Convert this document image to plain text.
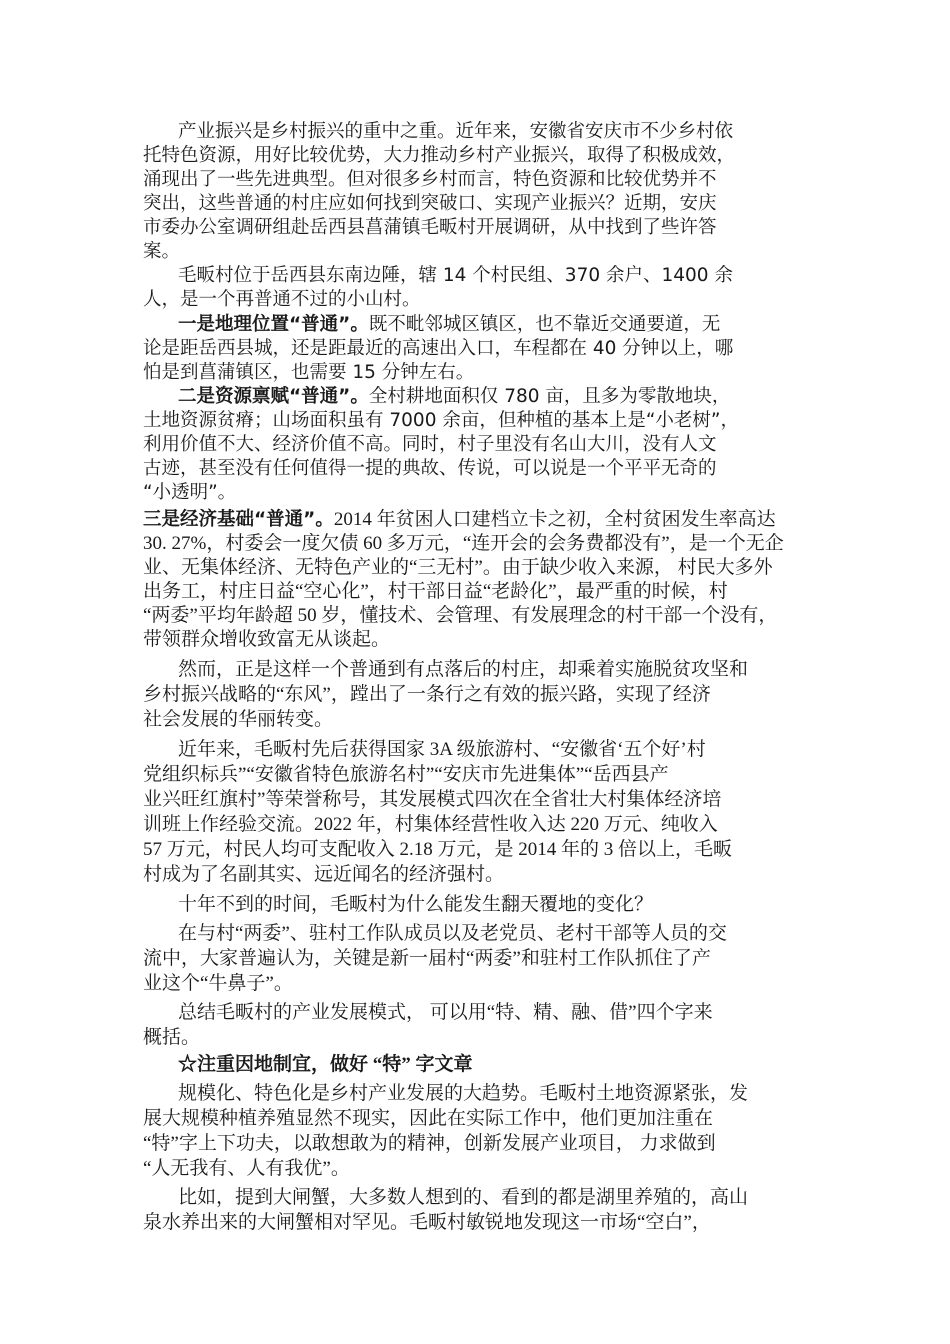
产业振兴是乡村振兴的重中之重。近年来，安徽省安庆市不少乡村依
托特色资源，用好比较优势，大力推动乡村产业振兴，取得了积极成效，
涌现出了一些先进典型。但对很多乡村而言，特色资源和比较优势并不
突出，这些普通的村庄应如何找到突破口、实现产业振兴？近期，安庆
市委办公室调研组赴岳西县菖蒲镇毛畈村开展调研，从中找到了些许答
案。
毛畈村位于岳西县东南边陲，辖 14 个村民组、370 余户、1400 余
人，是一个再普通不过的小山村。
一是地理位置“普通”。既不毗邻城区镇区，也不靠近交通要道，无
论是距岳西县城，还是距最近的高速出入口，车程都在 40 分钟以上，哪
怕是到菖蒲镇区，也需要 15 分钟左右。
二是资源禀赋“普通”。全村耕地面积仅 780 亩，且多为零散地块，
土地资源贫瘠；山场面积虽有 7000 余亩，但种植的基本上是“小老树”，
利用价值不大、经济价值不高。同时，村子里没有名山大川，没有人文
古迹，甚至没有任何值得一提的典故、传说，可以说是一个平平无奇的
“小透明”。
三是经济基础“普通”。2014 年贫困人口建档立卡之初，全村贫困发生率高达
30. 27%，村委会一度欠债 60 多万元，“连开会的会务费都没有”，是一个无企
业、无集体经济、无特色产业的“三无村”。由于缺少收入来源， 村民大多外
出务工，村庄日益“空心化”，村干部日益“老龄化”，最严重的时候，村
“两委”平均年龄超 50 岁，懂技术、会管理、有发展理念的村干部一个没有，
带领群众增收致富无从谈起。
然而，正是这样一个普通到有点落后的村庄，却乘着实施脱贫攻坚和
乡村振兴战略的“东风”，蹚出了一条行之有效的振兴路，实现了经济
社会发展的华丽转变。
近年来，毛畈村先后获得国家 3A 级旅游村、“安徽省‘五个好’村
党组织标兵”“安徽省特色旅游名村”“安庆市先进集体”“岳西县产
业兴旺红旗村”等荣誉称号，其发展模式四次在全省壮大村集体经济培
训班上作经验交流。2022 年，村集体经营性收入达 220 万元、纯收入
57 万元，村民人均可支配收入 2.18 万元，是 2014 年的 3 倍以上，毛畈
村成为了名副其实、远近闻名的经济强村。
十年不到的时间，毛畈村为什么能发生翻天覆地的变化？
在与村“两委”、驻村工作队成员以及老党员、老村干部等人员的交
流中，大家普遍认为，关键是新一届村“两委”和驻村工作队抓住了产
业这个“牛鼻子”。
总结毛畈村的产业发展模式， 可以用“特、精、融、借”四个字来
概括。
☆注重因地制宜，做好 “特” 字文章
规模化、特色化是乡村产业发展的大趋势。毛畈村土地资源紧张，发
展大规模种植养殖显然不现实，因此在实际工作中，他们更加注重在
“特”字上下功夫，以敢想敢为的精神，创新发展产业项目， 力求做到
“人无我有、人有我优”。
比如，提到大闸蟹，大多数人想到的、看到的都是湖里养殖的，高山
泉水养出来的大闸蟹相对罕见。毛畈村敏锐地发现这一市场“空白”，
